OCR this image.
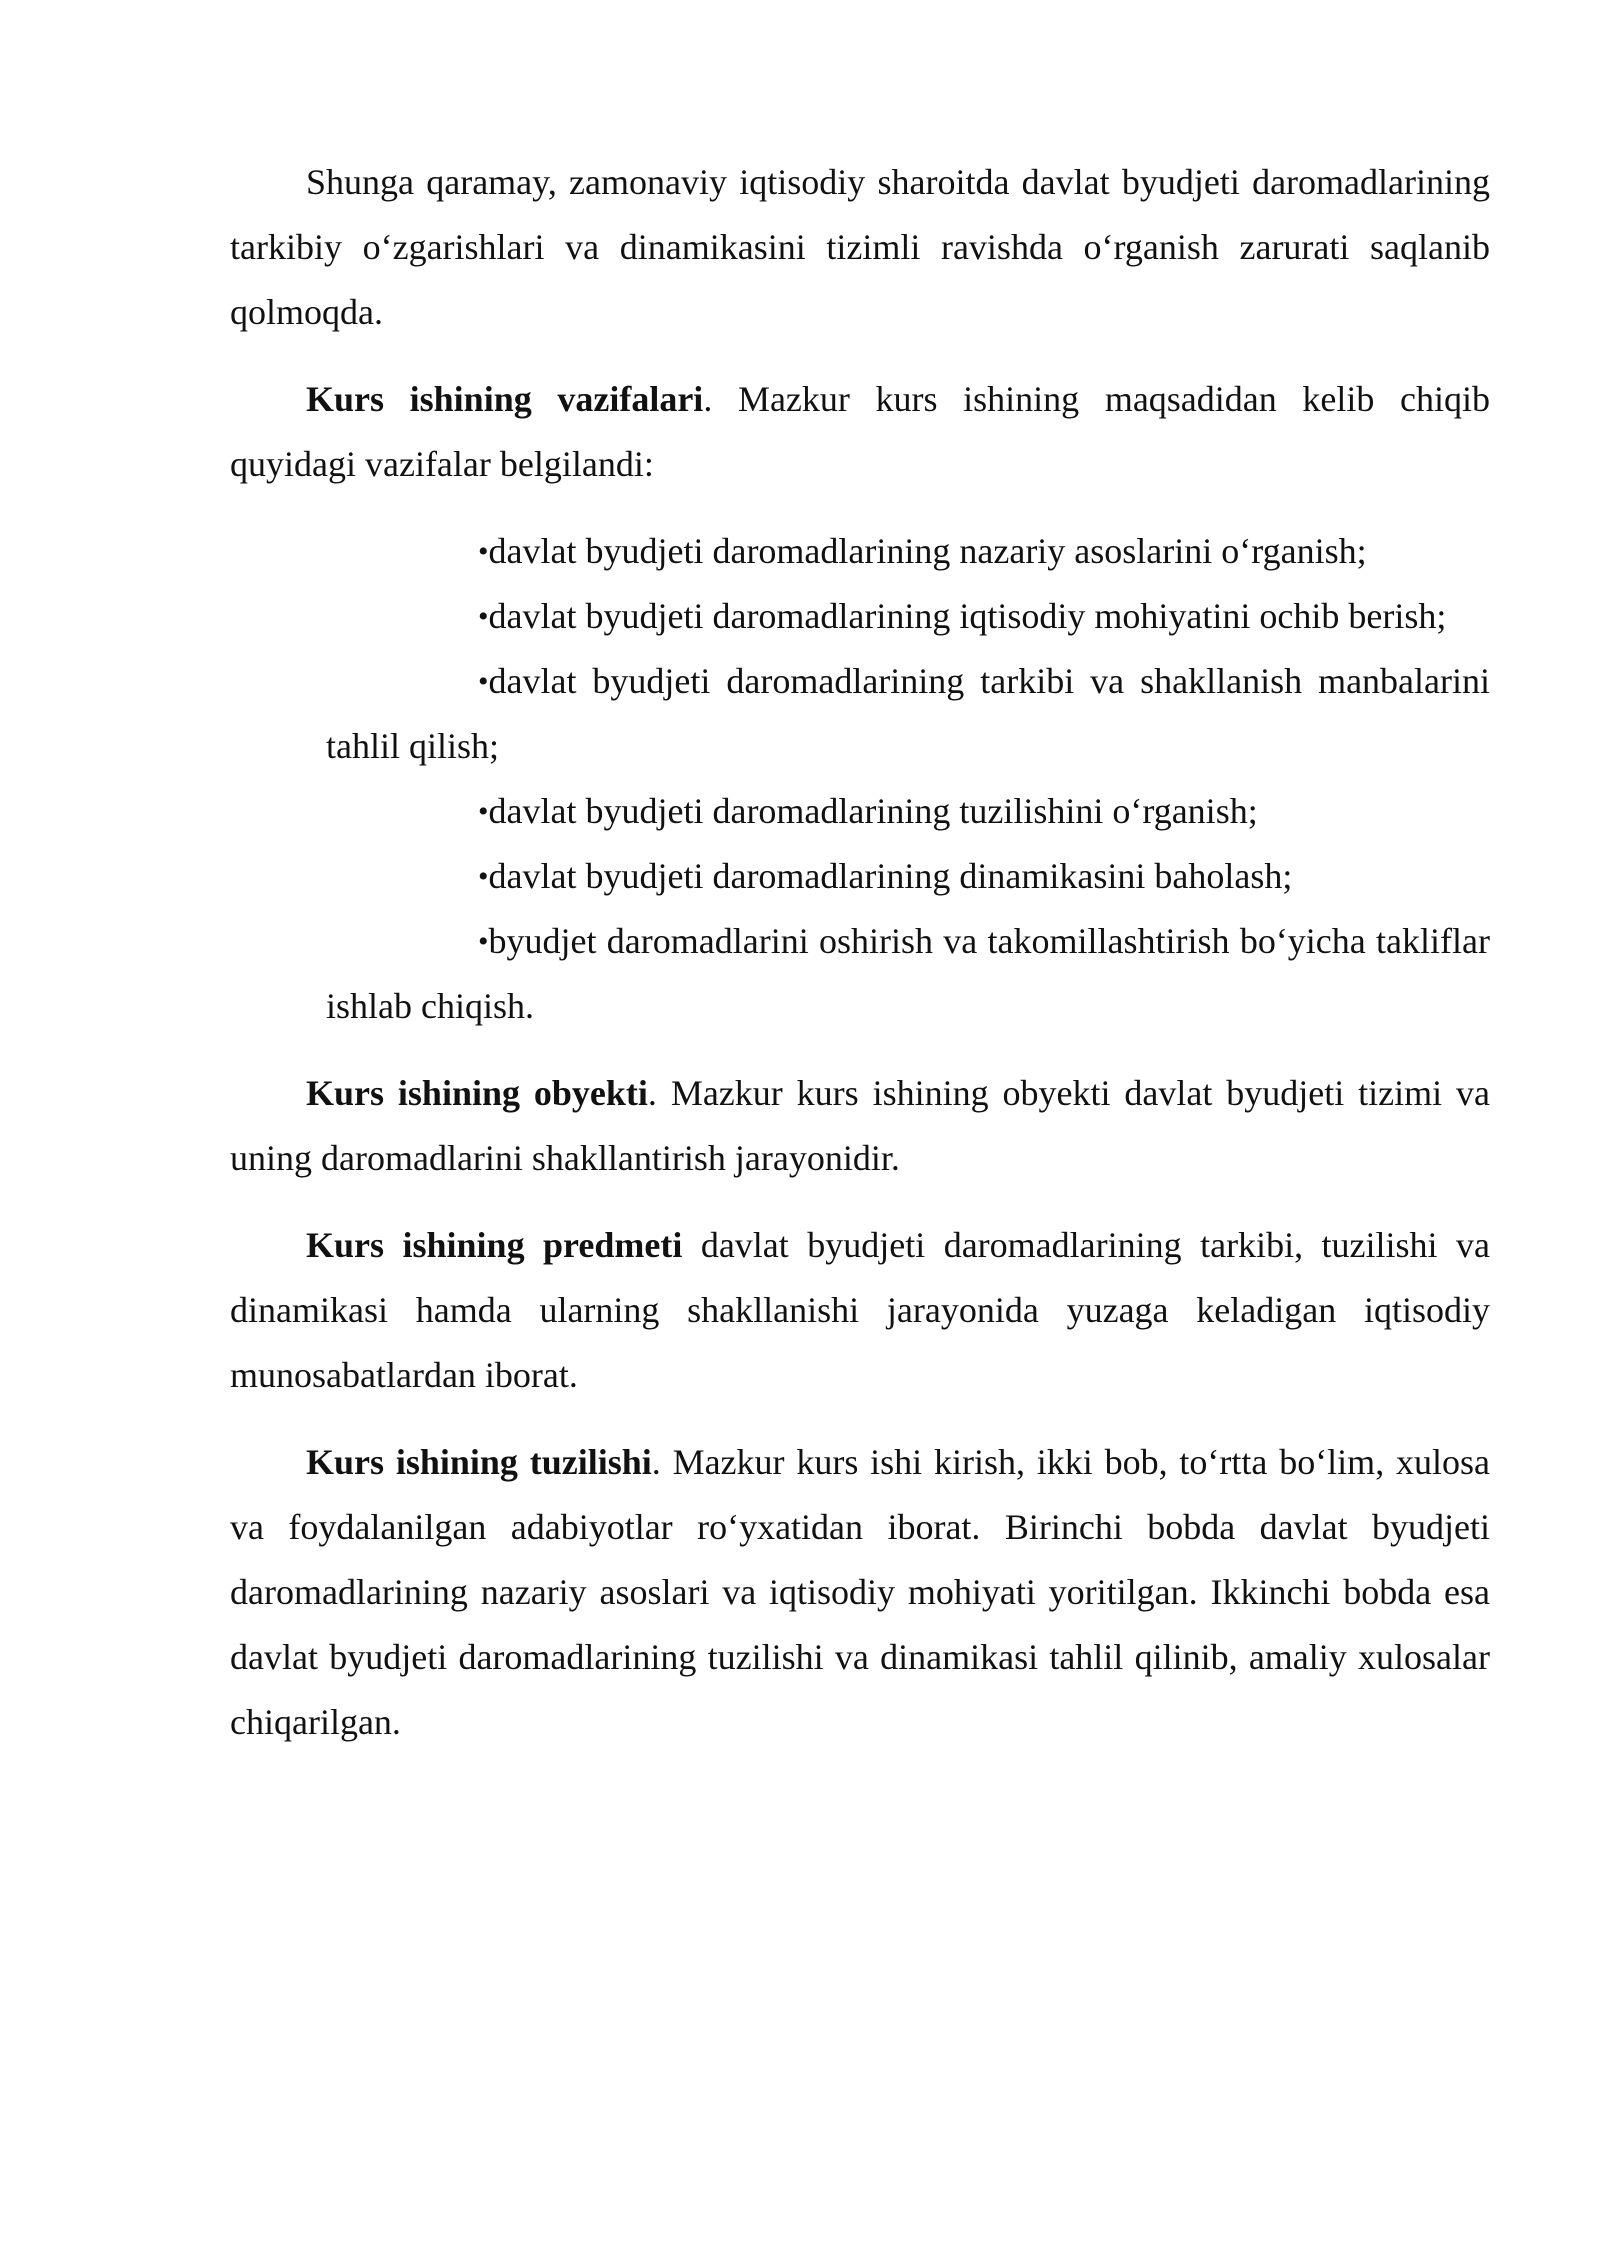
Shunga qaramay, zamonaviy iqtisodiy sharoitda davlat byudjeti daromadlarining tarkibiy o‘zgarishlari va dinamikasini tizimli ravishda o‘rganish zarurati saqlanib qolmoqda.

Kurs ishining vazifalari. Mazkur kurs ishining maqsadidan kelib chiqib quyidagi vazifalar belgilandi:

•davlat byudjeti daromadlarining nazariy asoslarini o‘rganish;
•davlat byudjeti daromadlarining iqtisodiy mohiyatini ochib berish;
•davlat byudjeti daromadlarining tarkibi va shakllanish manbalarini tahlil qilish;
•davlat byudjeti daromadlarining tuzilishini o‘rganish;
•davlat byudjeti daromadlarining dinamikasini baholash;
•byudjet daromadlarini oshirish va takomillashtirish bo‘yicha takliflar ishlab chiqish.

Kurs ishining obyekti. Mazkur kurs ishining obyekti davlat byudjeti tizimi va uning daromadlarini shakllantirish jarayonidir.

Kurs ishining predmeti davlat byudjeti daromadlarining tarkibi, tuzilishi va dinamikasi hamda ularning shakllanishi jarayonida yuzaga keladigan iqtisodiy munosabatlardan iborat.

Kurs ishining tuzilishi. Mazkur kurs ishi kirish, ikki bob, to‘rtta bo‘lim, xulosa va foydalanilgan adabiyotlar ro‘yxatidan iborat. Birinchi bobda davlat byudjeti daromadlarining nazariy asoslari va iqtisodiy mohiyati yoritilgan. Ikkinchi bobda esa davlat byudjeti daromadlarining tuzilishi va dinamikasi tahlil qilinib, amaliy xulosalar chiqarilgan.
